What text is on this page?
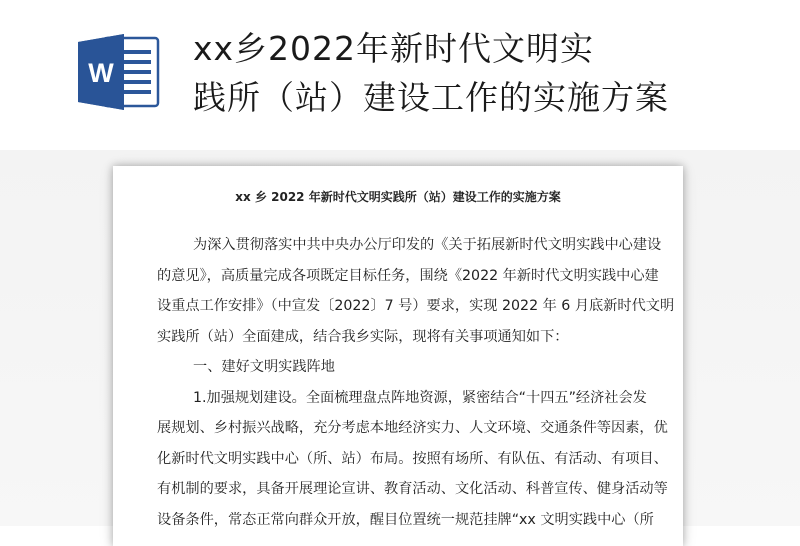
W
xx乡2022年新时代文明实
践所（站）建设工作的实施方案
xx 乡 2022 年新时代文明实践所（站）建设工作的实施方案
为深入贯彻落实中共中央办公厅印发的《关于拓展新时代文明实践中心建设
的意见》，高质量完成各项既定目标任务，围绕《2022 年新时代文明实践中心建
设重点工作安排》（中宣发〔2022〕7 号）要求，实现 2022 年 6 月底新时代文明
实践所（站）全面建成，结合我乡实际，现将有关事项通知如下：
一、建好文明实践阵地
1.加强规划建设。全面梳理盘点阵地资源，紧密结合“十四五”经济社会发
展规划、乡村振兴战略，充分考虑本地经济实力、人文环境、交通条件等因素，优
化新时代文明实践中心（所、站）布局。按照有场所、有队伍、有活动、有项目、
有机制的要求，具备开展理论宣讲、教育活动、文化活动、科普宣传、健身活动等
设备条件，常态正常向群众开放，醒目位置统一规范挂牌“xx 文明实践中心（所
